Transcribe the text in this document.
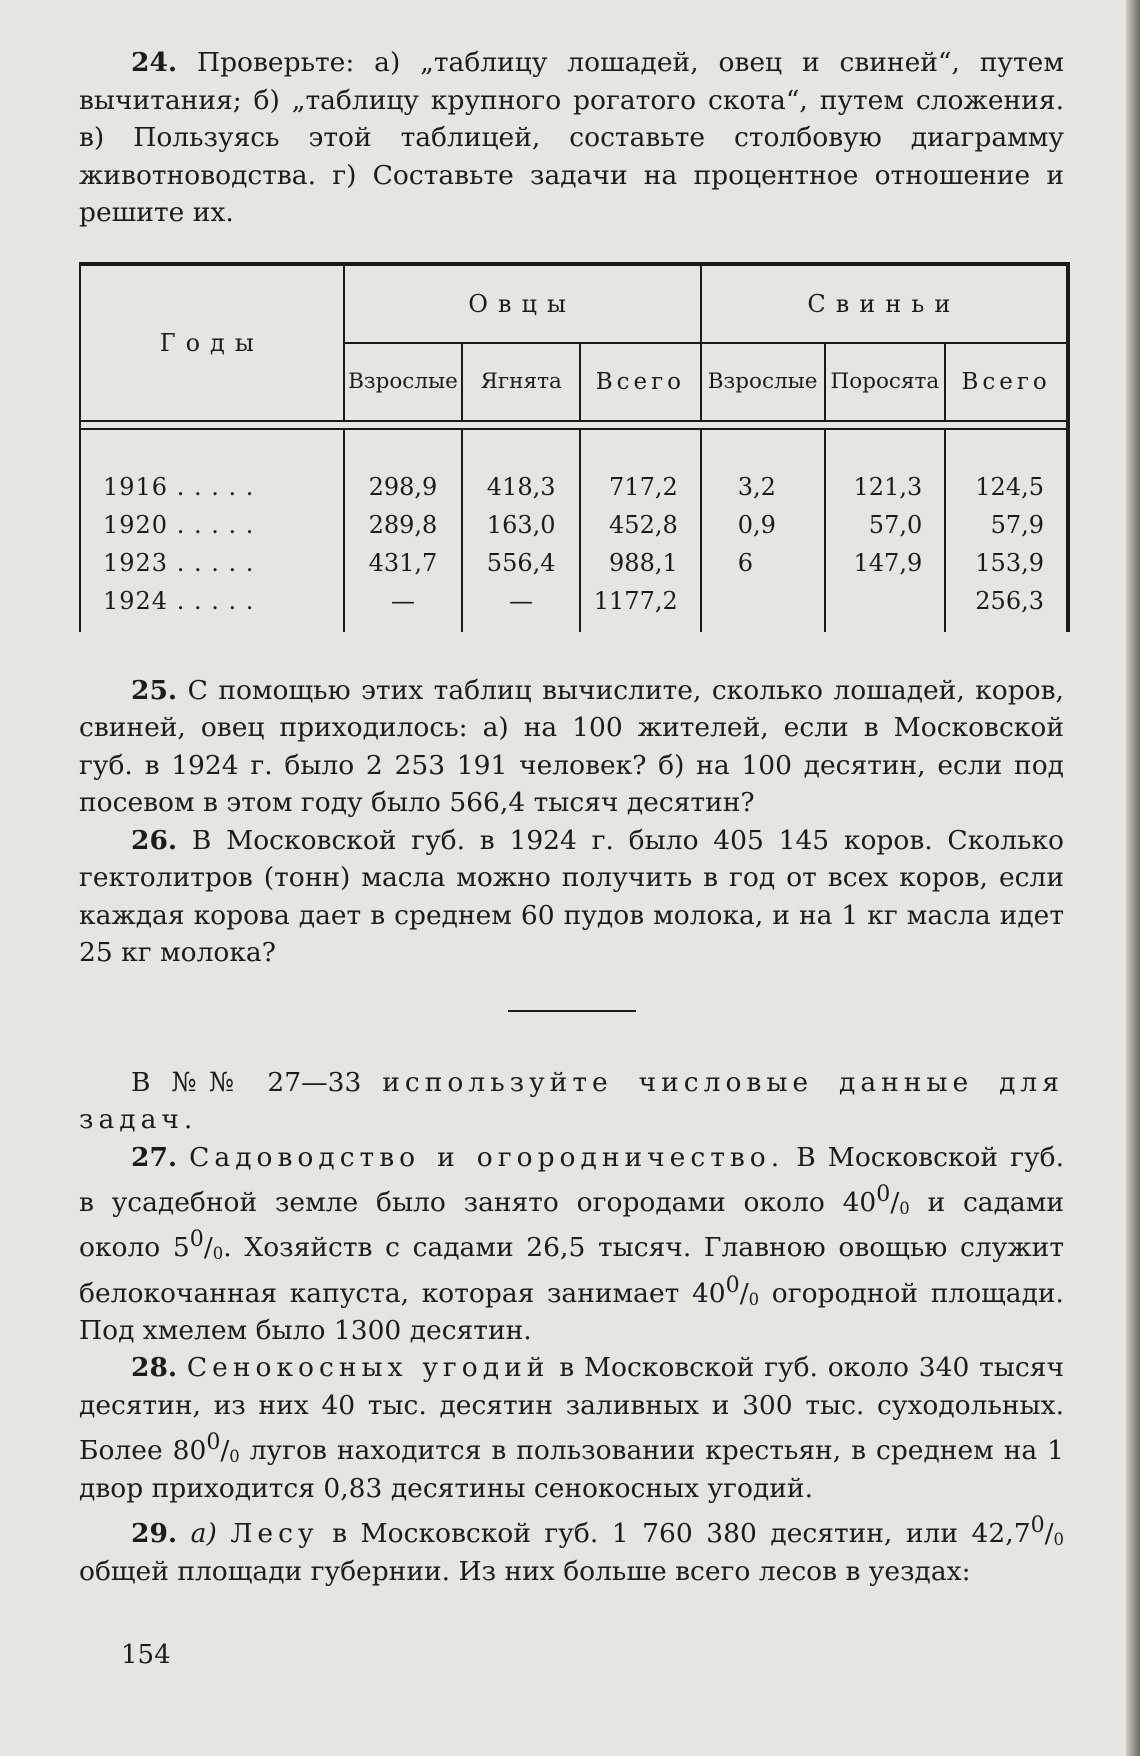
24. Проверьте: а) „таблицу лошадей, овец и свиней“, путем вычитания; б) „таблицу крупного рогатого скота“, путем сложения. в) Пользуясь этой таблицей, составьте столбовую диаграмму животноводства. г) Составьте задачи на процентное отношение и решите их.

Годы	Овцы			Свиньи		
	Взрослые	Ягнята	Всего	Взрослые	Поросята	Всего

1916 . . . . .	298,9	418,3	717,2	3,2	121,3	124,5
1920 . . . . .	289,8	163,0	452,8	0,9	57,0	57,9
1923 . . . . .	431,7	556,4	988,1	6	147,9	153,9
1924 . . . . .	—	—	1177,2			256,3

25. С помощью этих таблиц вычислите, сколько лошадей, коров, свиней, овец приходилось: а) на 100 жителей, если в Московской губ. в 1924 г. было 2 253 191 человек? б) на 100 десятин, если под посевом в этом году было 566,4 тысяч десятин?

26. В Московской губ. в 1924 г. было 405 145 коров. Сколько гектолитров (тонн) масла можно получить в год от всех коров, если каждая корова дает в среднем 60 пудов молока, и на 1 кг масла идет 25 кг молока?

В №№ 27—33 используйте числовые данные для задач.

27. Садоводство и огородничество. В Московской губ. в усадебной земле было занято огородами около $40^0/_0$ и садами около $5^0/_0$. Хозяйств с садами 26,5 тысяч. Главною овощью служит белокочанная капуста, которая занимает $40^0/_0$ огородной площади. Под хмелем было 1300 десятин.

28. Сенокосных угодий в Московской губ. около 340 тысяч десятин, из них 40 тыс. десятин заливных и 300 тыс. суходольных. Более $80^0/_0$ лугов находится в пользовании крестьян, в среднем на 1 двор приходится 0,83 десятины сенокосных угодий.

29. а) Лесу в Московской губ. 1 760 380 десятин, или $42,7^0/_0$ общей площади губернии. Из них больше всего лесов в уездах:

154
